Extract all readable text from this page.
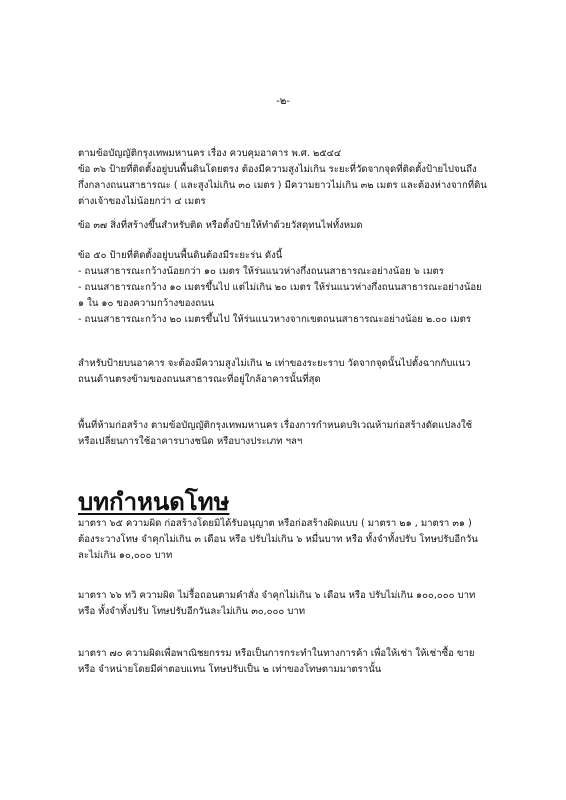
-๒-

ตามข้อบัญญัติกรุงเทพมหานคร เรื่อง ควบคุมอาคาร พ.ศ. ๒๕๔๔

ข้อ ๓๖ ป้ายที่ติดตั้งอยู่บนพื้นดินโดยตรง ต้องมีความสูงไม่เกิน ระยะที่วัดจากจุดที่ติดตั้งป้ายไปจนถึง

กึ่งกลางถนนสาธารณะ ( และสูงไม่เกิน ๓๐ เมตร ) มีความยาวไม่เกิน ๓๒ เมตร และต้องห่างจากที่ดิน

ต่างเจ้าของไม่น้อยกว่า ๔ เมตร

ข้อ ๓๗ สิ่งที่สร้างขึ้นสำหรับติด หรือตั้งป้ายให้ทำด้วยวัสดุทนไฟทั้งหมด

ข้อ ๕๐ ป้ายที่ติดตั้งอยู่บนพื้นดินต้องมีระยะร่น ดังนี้

- ถนนสาธารณะกว้างน้อยกว่า ๑๐ เมตร ให้ร่นแนวห่างกึ่งถนนสาธารณะอย่างน้อย ๖ เมตร

- ถนนสาธารณะกว้าง ๑๐ เมตรขึ้นไป แต่ไม่เกิน ๒๐ เมตร ให้ร่นแนวห่างกึ่งถนนสาธารณะอย่างน้อย

๑ ใน ๑๐ ของความกว้างของถนน

- ถนนสาธารณะกว้าง ๒๐ เมตรขึ้นไป ให้ร่นแนวหางจากเขตถนนสาธารณะอย่างน้อย ๒.๐๐ เมตร

สำหรับป้ายบนอาคาร จะต้องมีความสูงไม่เกิน ๒ เท่าของระยะราบ วัดจากจุดนั้นไปตั้งฉากกับแนว

ถนนด้านตรงข้ามของถนนสาธารณะที่อยู่ใกล้อาคารนั้นที่สุด

พื้นที่ห้ามก่อสร้าง ตามข้อบัญญัติกรุงเทพมหานคร เรื่องการกำหนดบริเวณห้ามก่อสร้างดัดแปลงใช้

หรือเปลี่ยนการใช้อาคารบางชนิด หรือบางประเภท ฯลฯ

บทกำหนดโทษ

มาตรา ๖๕ ความผิด ก่อสร้างโดยมิได้รับอนุญาต หรือก่อสร้างผิดแบบ ( มาตรา ๒๑ , มาตรา ๓๑ )

ต้องระวางโทษ จำคุกไม่เกิน ๓ เดือน หรือ ปรับไม่เกิน ๖ หมื่นบาท หรือ ทั้งจำทั้งปรับ โทษปรับอีกวัน

ละไม่เกิน ๑๐,๐๐๐ บาท

มาตรา ๖๖ ทวิ ความผิด ไม่รื้อถอนตามคำสั่ง จำคุกไม่เกิน ๖ เดือน หรือ ปรับไม่เกิน ๑๐๐,๐๐๐ บาท

หรือ ทั้งจำทั้งปรับ โทษปรับอีกวันละไม่เกิน ๓๐,๐๐๐ บาท

มาตรา ๗๐ ความผิดเพื่อพาณิชยกรรม หรือเป็นการกระทำในทางการค้า เพื่อให้เช่า ให้เช่าซื้อ ขาย

หรือ จำหน่ายโดยมีค่าตอบแทน โทษปรับเป็น ๒ เท่าของโทษตามมาตรานั้น
